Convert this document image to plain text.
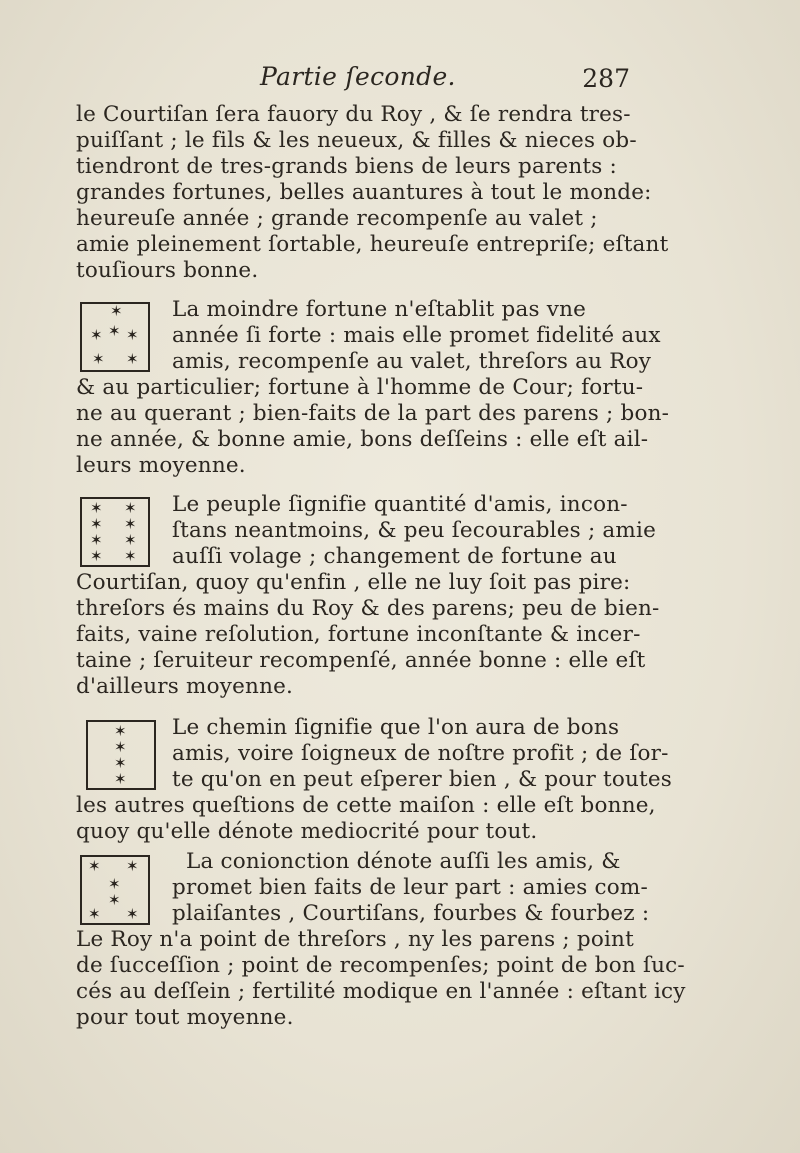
Partie ſeconde.	287
le Courtiſan ſera fauory du Roy , & ſe rendra tres-
puiſſant ; le fils & les neueux, & filles & nieces ob-
tiendront de tres-grands biens de leurs parents :
grandes fortunes, belles auantures à tout le monde:
heureuſe année ; grande recompenſe au valet ;
amie pleinement ſortable, heureuſe entrepriſe; eſtant
touſiours bonne.
✶
✶ ✶ ✶
✶ ✶
La moindre fortune n'eſtablit pas vne
année ſi forte : mais elle promet fidelité aux
amis, recompenſe au valet, threſors au Roy
& au particulier; fortune à l'homme de Cour; fortu-
ne au querant ; bien-faits de la part des parens ; bon-
ne année, & bonne amie, bons deſſeins : elle eſt ail-
leurs moyenne.
✶ ✶
✶ ✶
✶ ✶
✶ ✶
Le peuple ſignifie quantité d'amis, incon-
ſtans neantmoins, & peu ſecourables ; amie
auſſi volage ; changement de fortune au
Courtiſan, quoy qu'enfin , elle ne luy ſoit pas pire:
threſors és mains du Roy & des parens; peu de bien-
faits, vaine reſolution, fortune inconſtante & incer-
taine ; ſeruiteur recompenſé, année bonne : elle eſt
d'ailleurs moyenne.
✶
✶
✶
✶
Le chemin ſignifie que l'on aura de bons
amis, voire ſoigneux de noſtre profit ; de ſor-
te qu'on en peut eſperer bien , & pour toutes
les autres queſtions de cette maiſon : elle eſt bonne,
quoy qu'elle dénote mediocrité pour tout.
✶ ✶
✶
✶
✶ ✶
La conionction dénote auſſi les amis, &
promet bien faits de leur part : amies com-
plaiſantes , Courtiſans, fourbes & fourbez :
Le Roy n'a point de threſors , ny les parens ; point
de ſucceſſion ; point de recompenſes; point de bon ſuc-
cés au deſſein ; fertilité modique en l'année : eſtant icy
pour tout moyenne.
